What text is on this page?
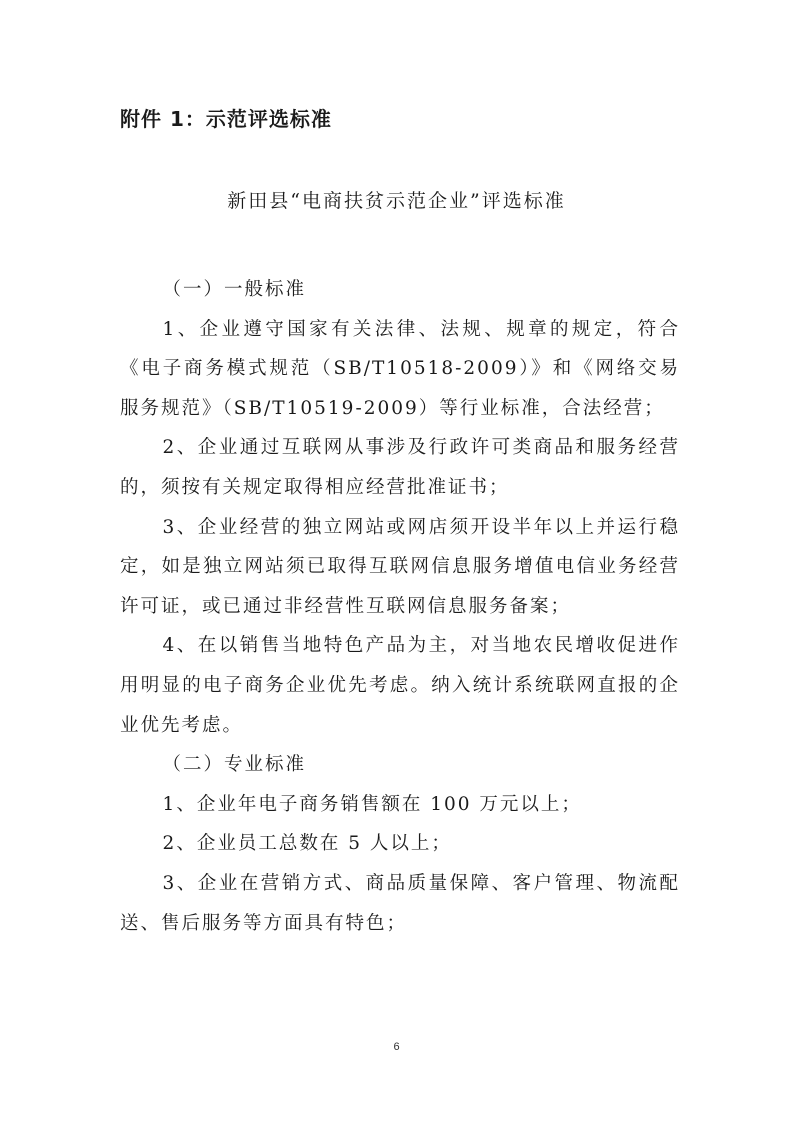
附件 1：示范评选标准
新田县“电商扶贫示范企业”评选标准

（一）一般标准

1、企业遵守国家有关法律、法规、规章的规定，符合《电子商务模式规范（SB/T10518-2009）》和《网络交易服务规范》（SB/T10519-2009）等行业标准，合法经营；

2、企业通过互联网从事涉及行政许可类商品和服务经营的，须按有关规定取得相应经营批准证书；

3、企业经营的独立网站或网店须开设半年以上并运行稳定，如是独立网站须已取得互联网信息服务增值电信业务经营许可证，或已通过非经营性互联网信息服务备案；

4、在以销售当地特色产品为主，对当地农民增收促进作用明显的电子商务企业优先考虑。纳入统计系统联网直报的企业优先考虑。

（二）专业标准

1、企业年电子商务销售额在 100 万元以上；

2、企业员工总数在 5 人以上；

3、企业在营销方式、商品质量保障、客户管理、物流配送、售后服务等方面具有特色；

6
